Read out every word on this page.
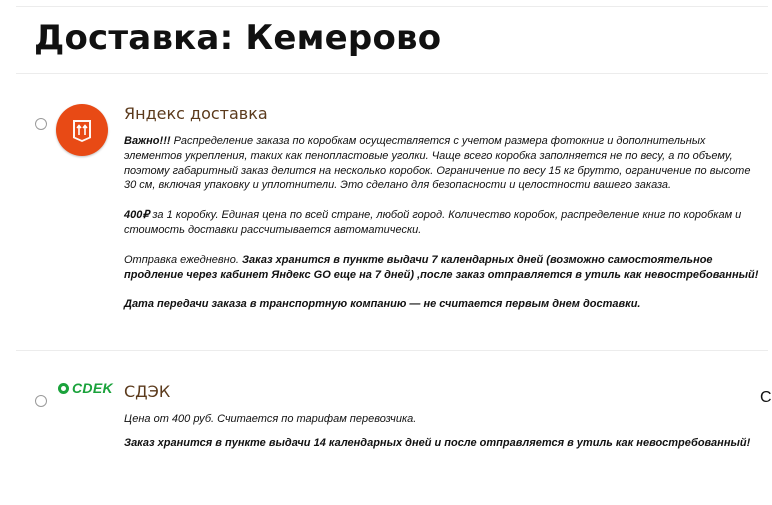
Доставка: Кемерово
Яндекс доставка

Важно!!! Распределение заказа по коробкам осуществляется с учетом размера фотокниг и дополнительных элементов укрепления, таких как пенопластовые уголки. Чаще всего коробка заполняется не по весу, а по объему, поэтому габаритный заказ делится на несколько коробок. Ограничение по весу 15 кг брутто, ограничение по высоте 30 см, включая упаковку и уплотнители. Это сделано для безопасности и целостности вашего заказа.

400₽ за 1 коробку. Единая цена по всей стране, любой город. Количество коробок, распределение книг по коробкам и стоимость доставки рассчитывается автоматически.

Отправка ежедневно. Заказ хранится в пункте выдачи 7 календарных дней (возможно самостоятельное продление через кабинет Яндекс GO еще на 7 дней) ,после заказ отправляется в утиль как невостребованный!

Дата передачи заказа в транспортную компанию — не считается первым днем доставки.

CDEK СДЭК

Цена от 400 руб. Считается по тарифам перевозчика.

Заказ хранится в пункте выдачи 14 календарных дней и после отправляется в утиль как невостребованный!

С
